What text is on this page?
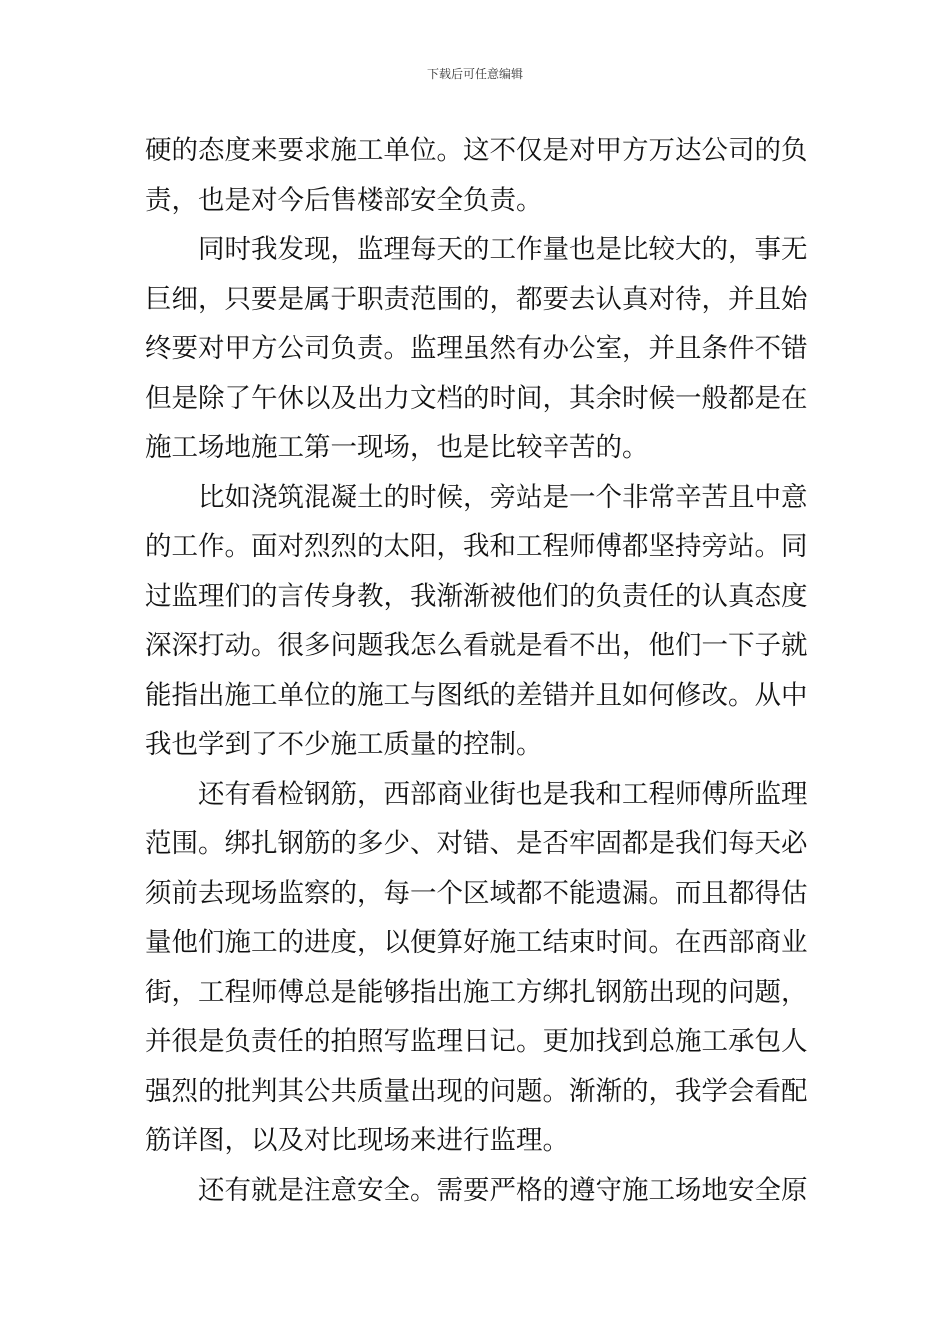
下载后可任意编辑
硬的态度来要求施工单位。这不仅是对甲方万达公司的负
责，也是对今后售楼部安全负责。
同时我发现，监理每天的工作量也是比较大的，事无
巨细，只要是属于职责范围的，都要去认真对待，并且始
终要对甲方公司负责。监理虽然有办公室，并且条件不错
但是除了午休以及出力文档的时间，其余时候一般都是在
施工场地施工第一现场，也是比较辛苦的。
比如浇筑混凝土的时候，旁站是一个非常辛苦且中意
的工作。面对烈烈的太阳，我和工程师傅都坚持旁站。同
过监理们的言传身教，我渐渐被他们的负责任的认真态度
深深打动。很多问题我怎么看就是看不出，他们一下子就
能指出施工单位的施工与图纸的差错并且如何修改。从中
我也学到了不少施工质量的控制。
还有看检钢筋，西部商业街也是我和工程师傅所监理
范围。绑扎钢筋的多少、对错、是否牢固都是我们每天必
须前去现场监察的，每一个区域都不能遗漏。而且都得估
量他们施工的进度，以便算好施工结束时间。在西部商业
街，工程师傅总是能够指出施工方绑扎钢筋出现的问题，
并很是负责任的拍照写监理日记。更加找到总施工承包人
强烈的批判其公共质量出现的问题。渐渐的，我学会看配
筋详图，以及对比现场来进行监理。
还有就是注意安全。需要严格的遵守施工场地安全原
